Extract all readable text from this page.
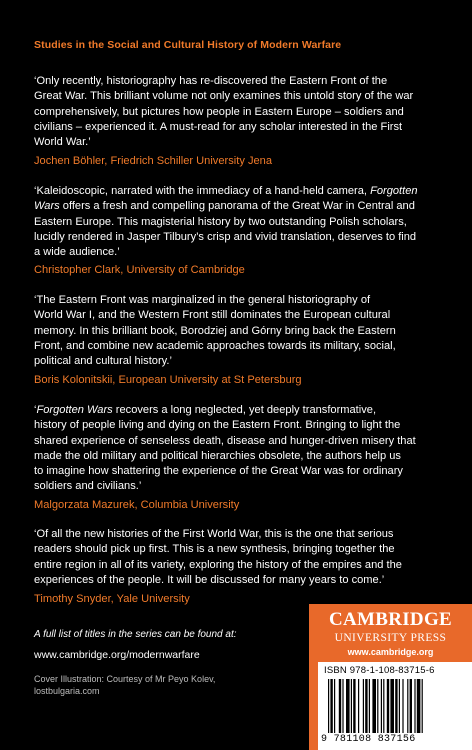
Studies in the Social and Cultural History of Modern Warfare
‘Only recently, historiography has re-discovered the Eastern Front of the
Great War. This brilliant volume not only examines this untold story of the war
comprehensively, but pictures how people in Eastern Europe – soldiers and
civilians – experienced it. A must-read for any scholar interested in the First
World War.’
Jochen Böhler, Friedrich Schiller University Jena
‘Kaleidoscopic, narrated with the immediacy of a hand-held camera, Forgotten
Wars offers a fresh and compelling panorama of the Great War in Central and
Eastern Europe. This magisterial history by two outstanding Polish scholars,
lucidly rendered in Jasper Tilbury’s crisp and vivid translation, deserves to find
a wide audience.’
Christopher Clark, University of Cambridge
‘The Eastern Front was marginalized in the general historiography of
World War I, and the Western Front still dominates the European cultural
memory. In this brilliant book, Borodziej and Górny bring back the Eastern
Front, and combine new academic approaches towards its military, social,
political and cultural history.’
Boris Kolonitskii, European University at St Petersburg
‘Forgotten Wars recovers a long neglected, yet deeply transformative,
history of people living and dying on the Eastern Front. Bringing to light the
shared experience of senseless death, disease and hunger-driven misery that
made the old military and political hierarchies obsolete, the authors help us
to imagine how shattering the experience of the Great War was for ordinary
soldiers and civilians.’
Malgorzata Mazurek, Columbia University
‘Of all the new histories of the First World War, this is the one that serious
readers should pick up first. This is a new synthesis, bringing together the
entire region in all of its variety, exploring the history of the empires and the
experiences of the people. It will be discussed for many years to come.’
Timothy Snyder, Yale University
A full list of titles in the series can be found at:
www.cambridge.org/modernwarfare
Cover Illustration: Courtesy of Mr Peyo Kolev,
lostbulgaria.com
CAMBRIDGE
UNIVERSITY PRESS
www.cambridge.org
ISBN 978-1-108-83715-6
9 781108 837156
